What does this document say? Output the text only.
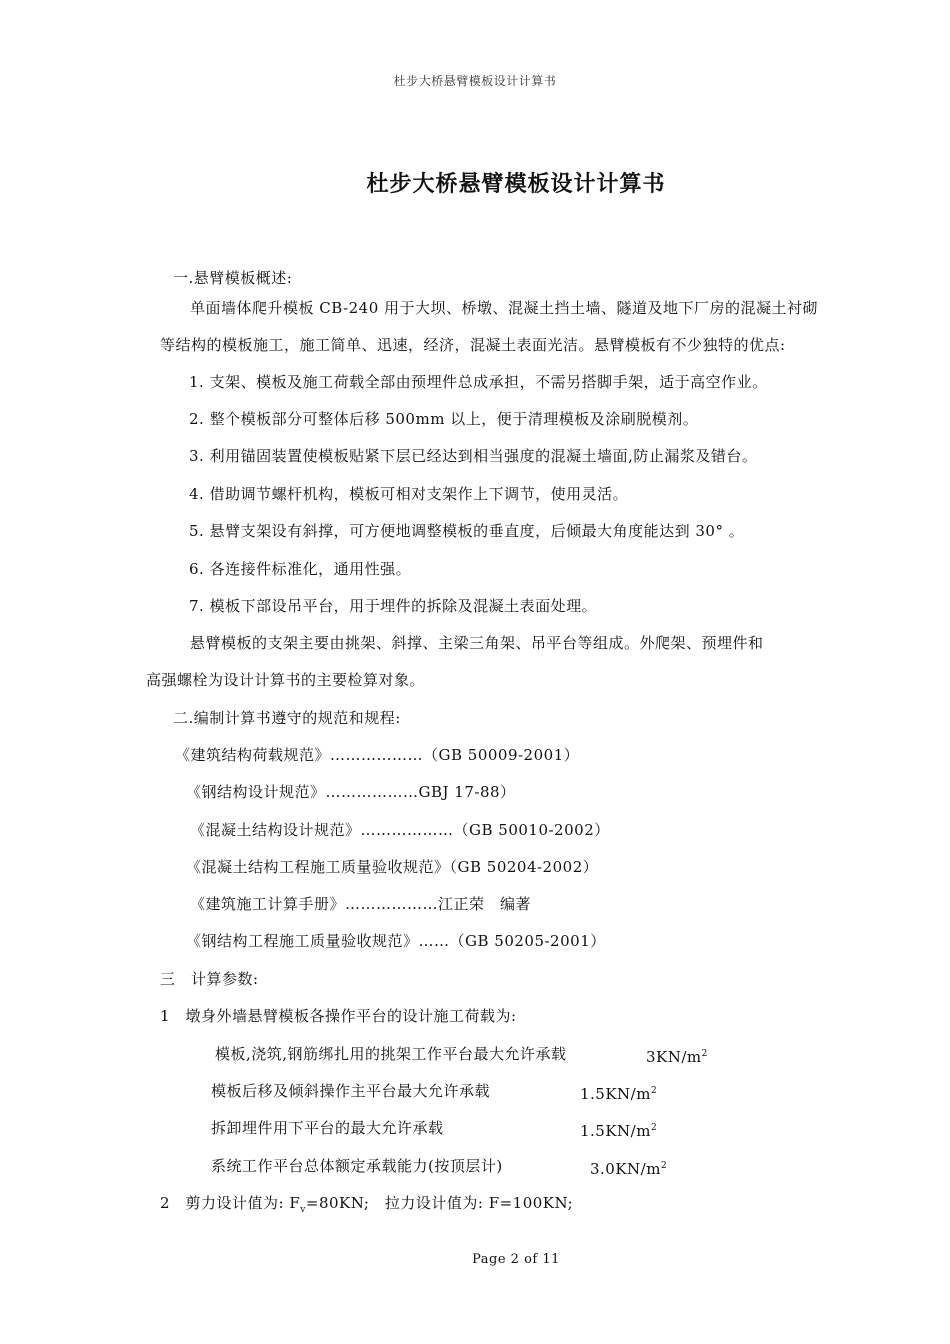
杜步大桥悬臂模板设计计算书
杜步大桥悬臂模板设计计算书
一.悬臂模板概述:
单面墙体爬升模板 CB-240 用于大坝、桥墩、混凝土挡土墙、隧道及地下厂房的混凝土衬砌
等结构的模板施工，施工简单、迅速，经济，混凝土表面光洁。悬臂模板有不少独特的优点:
1. 支架、模板及施工荷载全部由预埋件总成承担，不需另搭脚手架，适于高空作业。
2. 整个模板部分可整体后移 500mm 以上，便于清理模板及涂刷脱模剂。
3. 利用锚固装置使模板贴紧下层已经达到相当强度的混凝土墙面,防止漏浆及错台。
4. 借助调节螺杆机构，模板可相对支架作上下调节，使用灵活。
5. 悬臂支架设有斜撑，可方便地调整模板的垂直度，后倾最大角度能达到 30° 。
6. 各连接件标准化，通用性强。
7. 模板下部设吊平台，用于埋件的拆除及混凝土表面处理。
悬臂模板的支架主要由挑架、斜撑、主梁三角架、吊平台等组成。外爬架、预埋件和
高强螺栓为设计计算书的主要检算对象。
二.编制计算书遵守的规范和规程:
《建筑结构荷载规范》………………（GB 50009-2001）
《钢结构设计规范》………………GBJ 17-88）
《混凝土结构设计规范》………………（GB 50010-2002）
《混凝土结构工程施工质量验收规范》（GB 50204-2002）
《建筑施工计算手册》………………江正荣　编著
《钢结构工程施工质量验收规范》……（GB 50205-2001）
三　计算参数:
1　墩身外墙悬臂模板各操作平台的设计施工荷载为:
模板,浇筑,钢筋绑扎用的挑架工作平台最大允许承载	$3KN/m^2$
模板后移及倾斜操作主平台最大允许承载	$1.5KN/m^2$
拆卸埋件用下平台的最大允许承载	$1.5KN/m^2$
系统工作平台总体额定承载能力(按顶层计)	$3.0KN/m^2$
2　剪力设计值为: $F_v=80KN$;　拉力设计值为: F=100KN;
Page 2 of 11
